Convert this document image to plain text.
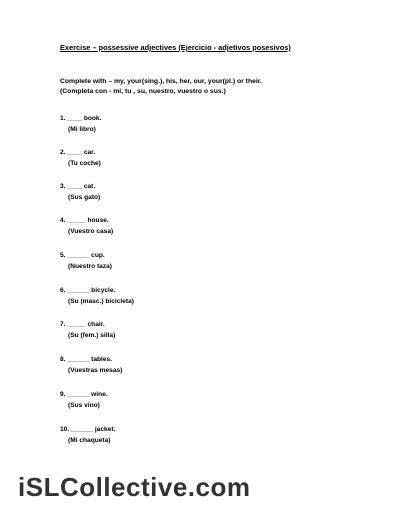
Exercise – possessive adjectives (Ejercicio - adjetivos posesivos)
Complete with – my, your(sing.), his, her, our, your(pl.) or their.
(Completa con - mi, tu , su, nuestro, vuestro o sus.)
1. ____ book.
(Mi libro)
2. ____ car.
(Tu coche)
3. ____ cat.
(Sus gato)
4. _____ house.
(Vuestro casa)
5. ______ cup.
(Nuestro taza)
6. ______ bicycle.
(Su (masc.) bicicleta)
7. _____ chair.
(Su (fem.) silla)
8. ______ tables.
(Vuestras mesas)
9. ______ wine.
(Sus vino)
10. ______ jacket.
(Mi chaqueta)
iSLCollective.com
